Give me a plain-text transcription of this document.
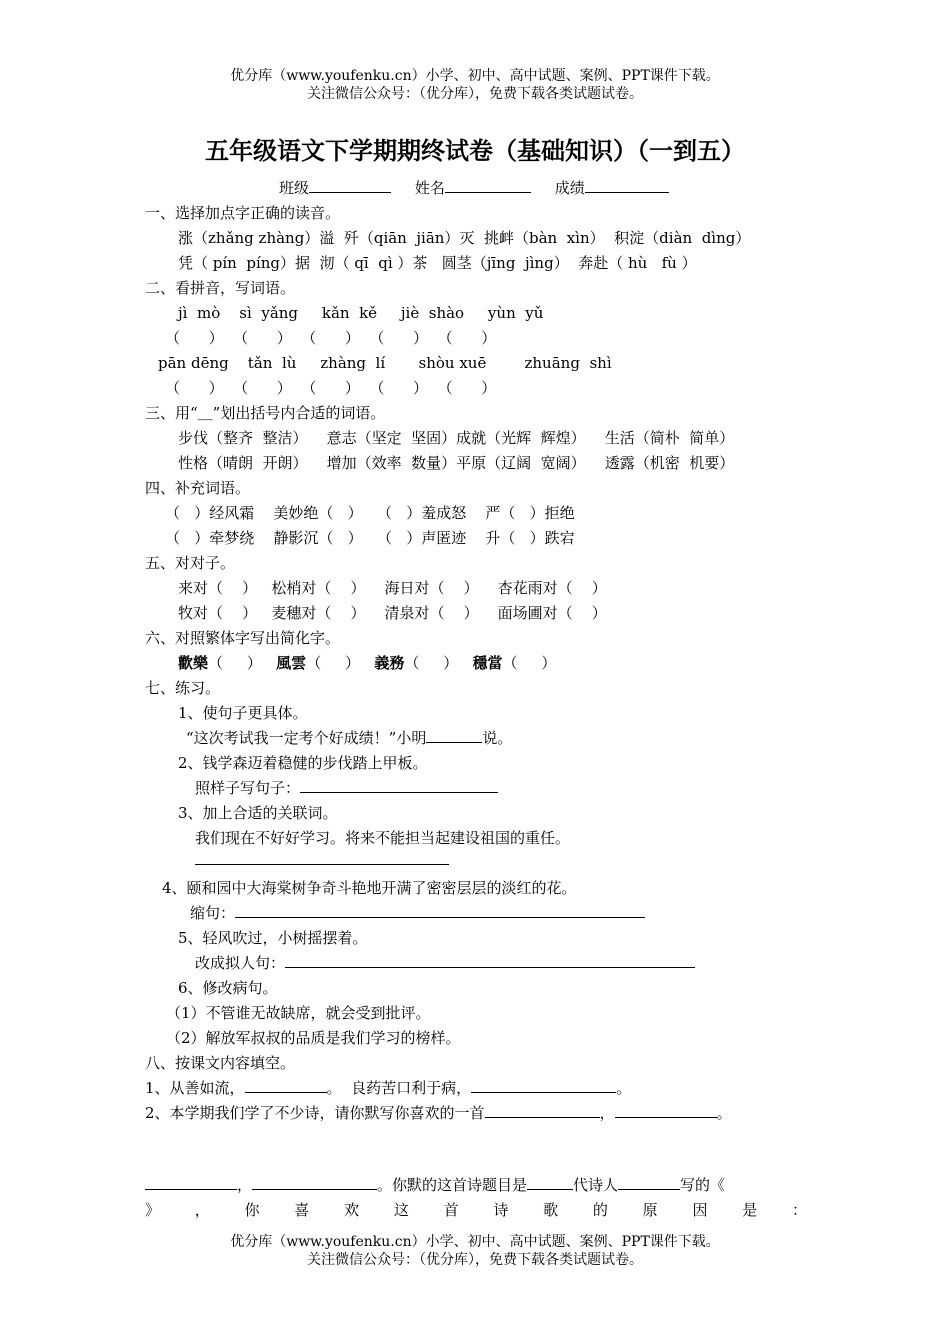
优分库（www.youfenku.cn）小学、初中、高中试题、案例、PPT课件下载。
关注微信公众号：（优分库），免费下载各类试题试卷。
五年级语文下学期期终试卷（基础知识）（一到五）
班级	姓名	成绩
一、选择加点字正确的读音。
涨（zhǎng zhàng）溢  歼（qiān  jiān）灭  挑衅（bàn  xìn）  积淀（diàn  dìng）
凭（ pín  píng）据  沏（ qī  qì ）茶   圆茎（jīng  jìng）  奔赴（ hù   fù ）
二、看拼音，写词语。
jì  mò    sì  yǎng     kǎn  kě     jiè  shào     yùn  yǔ
（      ）  （      ）  （      ）  （      ）  （      ）
pān dēng    tǎn  lù     zhàng  lí       shòu xuē        zhuāng  shì
（      ）  （      ）  （      ）  （      ）  （      ）
三、用“＿”划出括号内合适的词语。
步伐（整齐  整洁）    意志（坚定  坚固）成就（光辉  辉煌）    生活（简朴  简单）
性格（晴朗  开朗）    增加（效率  数量）平原（辽阔  宽阔）    透露（机密  机要）
四、补充词语。
（   ）经风霜    美妙绝（   ）   （   ）羞成怒    严（   ）拒绝
（   ）牵梦绕    静影沉（   ）   （   ）声匿迹    升（   ）跌宕
五、对对子。
来对（    ）   松梢对（    ）    海日对（    ）    杏花雨对（    ）
牧对（    ）   麦穗对（    ）    清泉对（    ）    面场圃对（    ）
六、对照繁体字写出简化字。
歡樂（     ） 風雲（     ） 義務（     ） 穩當（     ）
七、练习。
1、使句子更具体。
“这次考试我一定考个好成绩！”小明	说。
2、钱学森迈着稳健的步伐踏上甲板。
照样子写句子：
3、加上合适的关联词。
我们现在不好好学习。将来不能担当起建设祖国的重任。
4、颐和园中大海棠树争奇斗艳地开满了密密层层的淡红的花。
缩句：
5、轻风吹过，小树摇摆着。
改成拟人句：
6、修改病句。
（1）不管谁无故缺席，就会受到批评。
（2）解放军叔叔的品质是我们学习的榜样。
八、按课文内容填空。
1、从善如流，	。  良药苦口利于病，	。
2、本学期我们学了不少诗，请你默写你喜欢的一首	，	。
，	。你默的这首诗题目是	代诗人	写的《
》 ， 你 喜 欢 这 首 诗 歌 的 原 因 是 ：
优分库（www.youfenku.cn）小学、初中、高中试题、案例、PPT课件下载。
关注微信公众号：（优分库），免费下载各类试题试卷。
